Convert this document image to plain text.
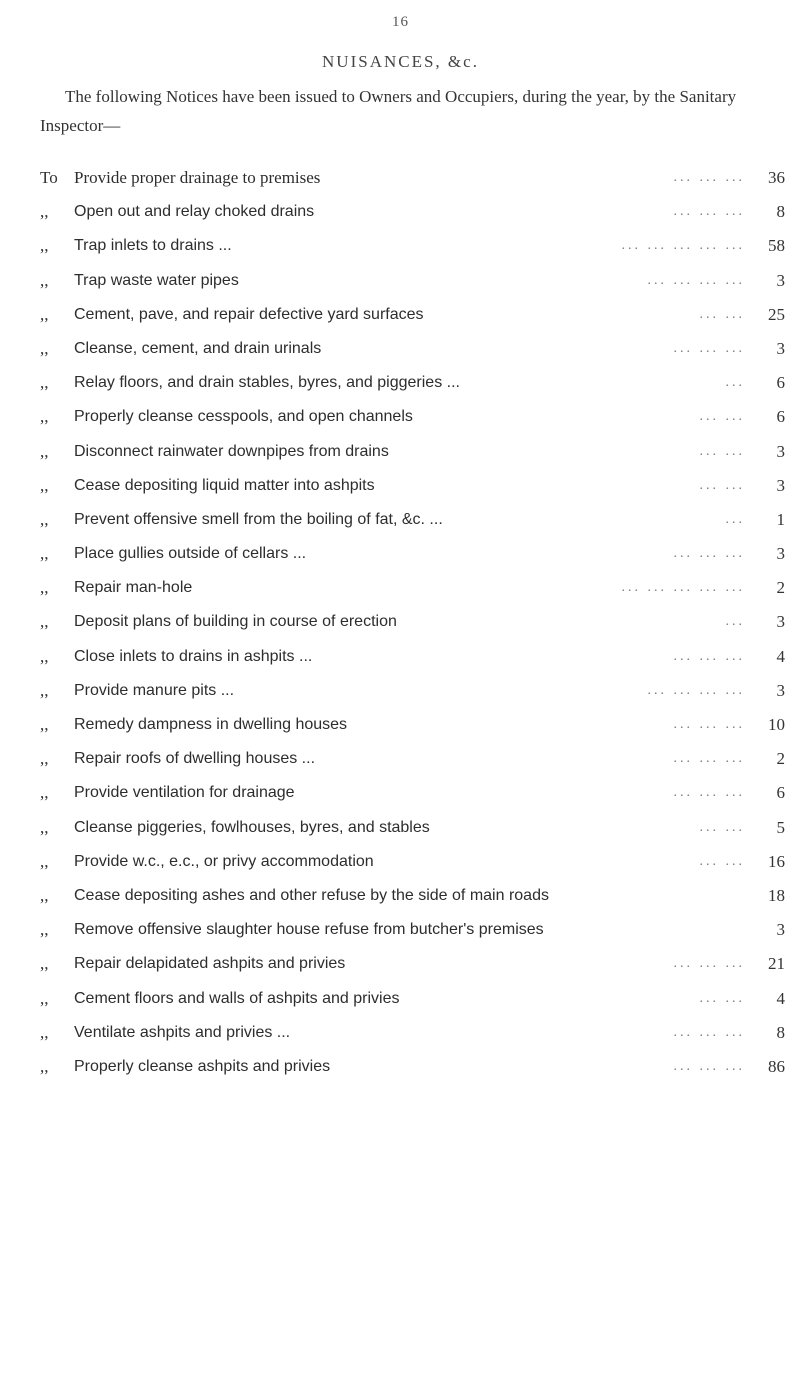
16
NUISANCES, &c.
The following Notices have been issued to Owners and Occupiers, during the year, by the Sanitary Inspector—
To Provide proper drainage to premises	... ... ...	36
,,	Open out and relay choked drains	... ... ...	8
,,	Trap inlets to drains ...	... ... ... ... ...	58
,,	Trap waste water pipes	... ... ... ...	3
,,	Cement, pave, and repair defective yard surfaces	... ...	25
,,	Cleanse, cement, and drain urinals	... ... ...	3
,,	Relay floors, and drain stables, byres, and piggeries ...	...	6
,,	Properly cleanse cesspools, and open channels	... ...	6
,,	Disconnect rainwater downpipes from drains	... ...	3
,,	Cease depositing liquid matter into ashpits	... ...	3
,,	Prevent offensive smell from the boiling of fat, &c. ...	...	1
,,	Place gullies outside of cellars ...	... ... ...	3
,,	Repair man-hole	... ... ... ... ...	2
,,	Deposit plans of building in course of erection	...	3
,,	Close inlets to drains in ashpits ...	... ... ...	4
,,	Provide manure pits ...	... ... ... ...	3
,,	Remedy dampness in dwelling houses	... ... ...	10
,,	Repair roofs of dwelling houses ...	... ... ...	2
,,	Provide ventilation for drainage	... ... ...	6
,,	Cleanse piggeries, fowlhouses, byres, and stables	... ...	5
,,	Provide w.c., e.c., or privy accommodation	... ...	16
,,	Cease depositing ashes and other refuse by the side of main roads	18
,,	Remove offensive slaughter house refuse from butcher's premises	3
,,	Repair delapidated ashpits and privies	... ... ...	21
,,	Cement floors and walls of ashpits and privies	... ...	4
,,	Ventilate ashpits and privies ...	... ... ...	8
,,	Properly cleanse ashpits and privies	... ... ...	86
